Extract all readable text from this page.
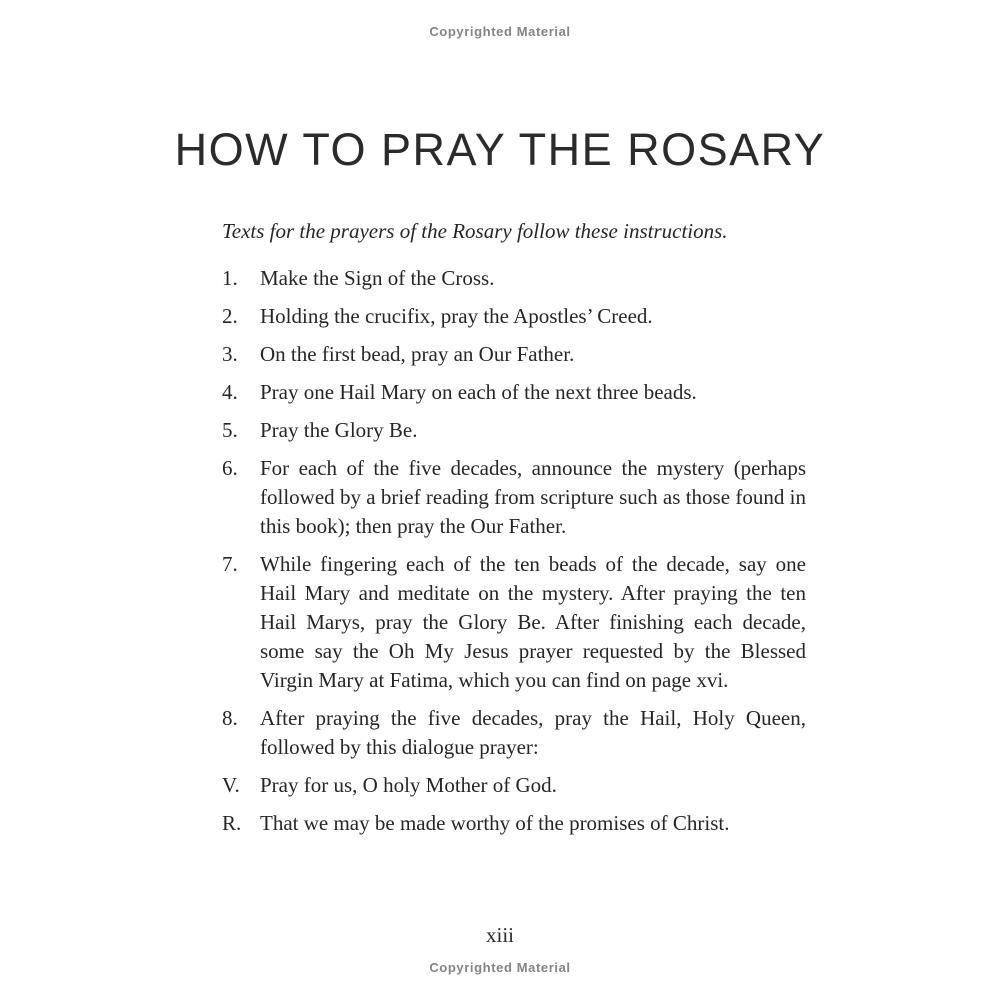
Copyrighted Material
HOW TO PRAY THE ROSARY

Texts for the prayers of the Rosary follow these instructions.

1.	Make the Sign of the Cross.
2.	Holding the crucifix, pray the Apostles’ Creed.
3.	On the first bead, pray an Our Father.
4.	Pray one Hail Mary on each of the next three beads.
5.	Pray the Glory Be.
6.	For each of the five decades, announce the mystery (perhaps followed by a brief reading from scripture such as those found in this book); then pray the Our Father.
7.	While fingering each of the ten beads of the decade, say one Hail Mary and meditate on the mystery. After praying the ten Hail Marys, pray the Glory Be. After finishing each decade, some say the Oh My Jesus prayer requested by the Blessed Virgin Mary at Fatima, which you can find on page xvi.
8.	After praying the five decades, pray the Hail, Holy Queen, followed by this dialogue prayer:
V. Pray for us, O holy Mother of God.
R. That we may be made worthy of the promises of Christ.
xiii
Copyrighted Material
